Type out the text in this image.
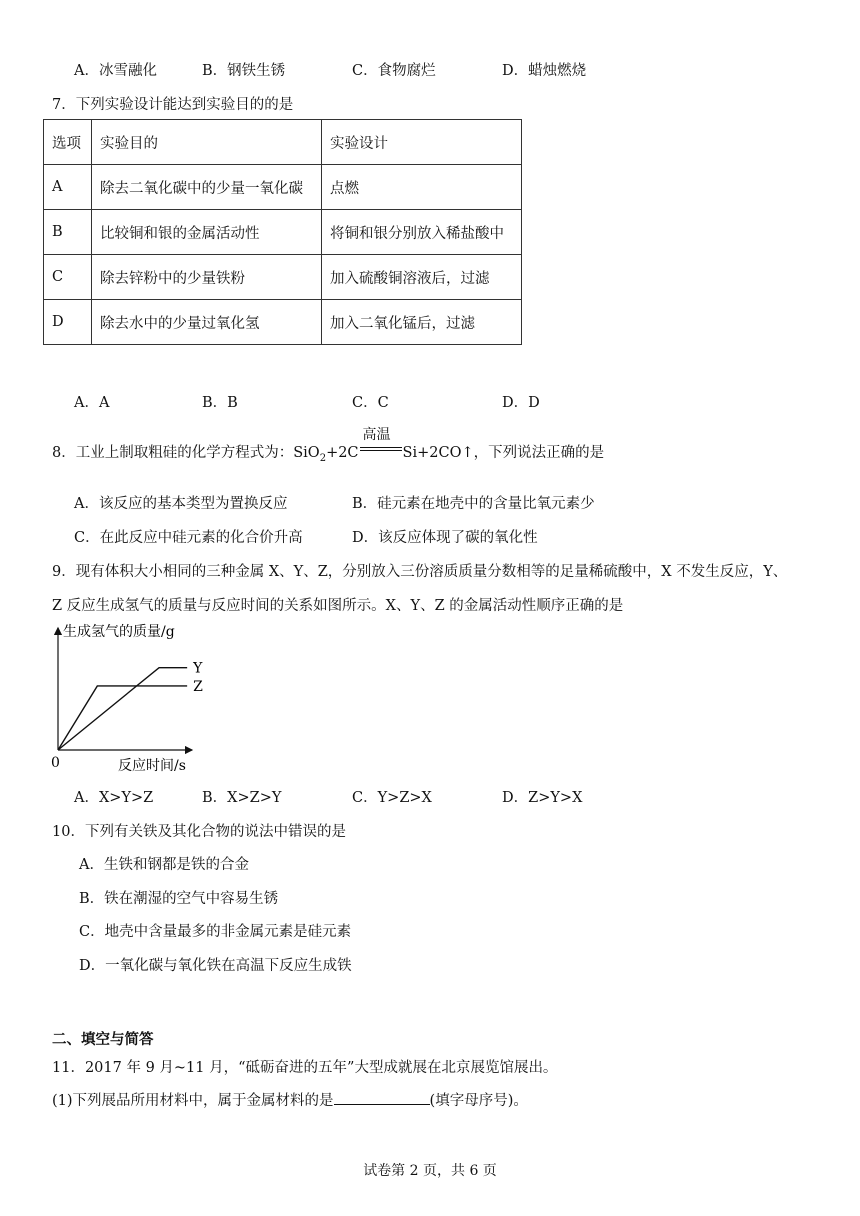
A．冰雪融化	B．钢铁生锈	C．食物腐烂	D．蜡烛燃烧
7．下列实验设计能达到实验目的的是
选项	实验目的	实验设计
A	除去二氧化碳中的少量一氧化碳	点燃
B	比较铜和银的金属活动性	将铜和银分别放入稀盐酸中
C	除去锌粉中的少量铁粉	加入硫酸铜溶液后，过滤
D	除去水中的少量过氧化氢	加入二氧化锰后，过滤
A．A	B．B	C．C	D．D
8．工业上制取粗硅的化学方程式为：SiO$_2$+2C
高温
Si+2CO↑，下列说法正确的是
A．该反应的基本类型为置换反应	B．硅元素在地壳中的含量比氧元素少
C．在此反应中硅元素的化合价升高	D．该反应体现了碳的氧化性
9．现有体积大小相同的三种金属 X、Y、Z，分别放入三份溶质质量分数相等的足量稀硫酸中，X 不发生反应，Y、
Z 反应生成氢气的质量与反应时间的关系如图所示。X、Y、Z 的金属活动性顺序正确的是
生成氢气的质量/g
反应时间/s
0
Y
Z
A．X>Y>Z	B．X>Z>Y	C．Y>Z>X	D．Z>Y>X
10．下列有关铁及其化合物的说法中错误的是
A．生铁和钢都是铁的合金
B．铁在潮湿的空气中容易生锈
C．地壳中含量最多的非金属元素是硅元素
D．一氧化碳与氧化铁在高温下反应生成铁
二、填空与简答
11．2017 年 9 月~11 月，“砥砺奋进的五年”大型成就展在北京展览馆展出。
(1)下列展品所用材料中，属于金属材料的是	(填字母序号)。
试卷第 2 页，共 6 页
